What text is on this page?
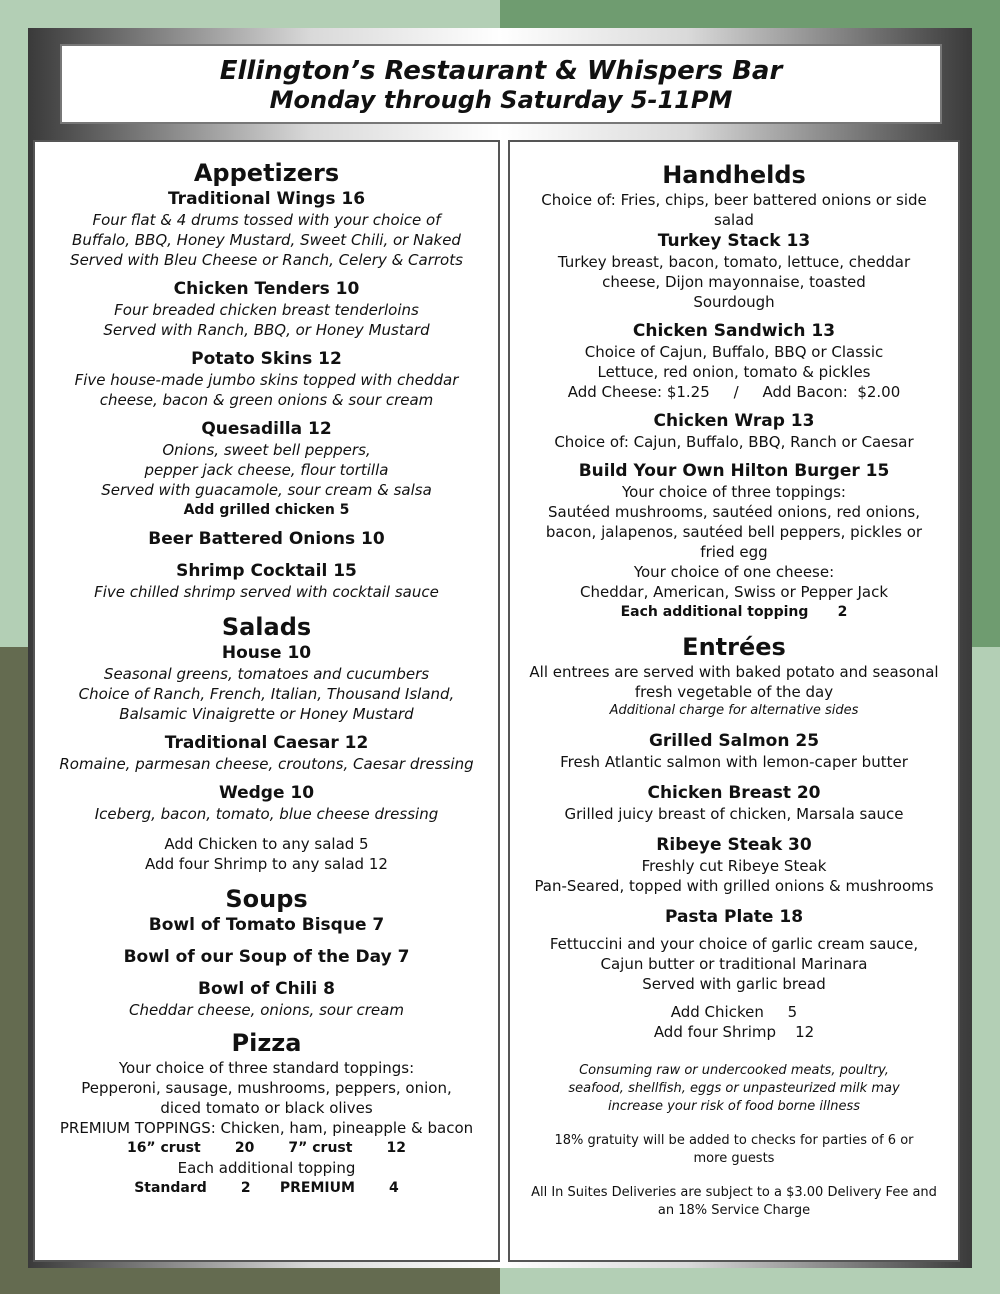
Ellington’s Restaurant & Whispers Bar
Monday through Saturday 5-11PM
Appetizers
Traditional Wings 16
Four flat & 4 drums tossed with your choice of
Buffalo, BBQ, Honey Mustard, Sweet Chili, or Naked
Served with Bleu Cheese or Ranch, Celery & Carrots
Chicken Tenders 10
Four breaded chicken breast tenderloins
Served with Ranch, BBQ, or Honey Mustard
Potato Skins 12
Five house-made jumbo skins topped with cheddar
cheese, bacon & green onions & sour cream
Quesadilla 12
Onions, sweet bell peppers,
pepper jack cheese, flour tortilla
Served with guacamole, sour cream & salsa
Add grilled chicken 5
Beer Battered Onions 10
Shrimp Cocktail 15
Five chilled shrimp served with cocktail sauce
Salads
House 10
Seasonal greens, tomatoes and cucumbers
Choice of Ranch, French, Italian, Thousand Island,
Balsamic Vinaigrette or Honey Mustard
Traditional Caesar 12
Romaine, parmesan cheese, croutons, Caesar dressing
Wedge 10
Iceberg, bacon, tomato, blue cheese dressing
Add Chicken to any salad 5
Add four Shrimp to any salad 12
Soups
Bowl of Tomato Bisque 7
Bowl of our Soup of the Day 7
Bowl of Chili 8
Cheddar cheese, onions, sour cream
Pizza
Your choice of three standard toppings:
Pepperoni, sausage, mushrooms, peppers, onion,
diced tomato or black olives
PREMIUM TOPPINGS: Chicken, ham, pineapple & bacon
16” crust       20       7” crust       12
Each additional topping
Standard       2      PREMIUM       4
Handhelds
Choice of: Fries, chips, beer battered onions or side
salad
Turkey Stack 13
Turkey breast, bacon, tomato, lettuce, cheddar
cheese, Dijon mayonnaise, toasted
Sourdough
Chicken Sandwich 13
Choice of Cajun, Buffalo, BBQ or Classic
Lettuce, red onion, tomato & pickles
Add Cheese: $1.25     /     Add Bacon:  $2.00
Chicken Wrap 13
Choice of: Cajun, Buffalo, BBQ, Ranch or Caesar
Build Your Own Hilton Burger 15
Your choice of three toppings:
Sautéed mushrooms, sautéed onions, red onions,
bacon, jalapenos, sautéed bell peppers, pickles or
fried egg
Your choice of one cheese:
Cheddar, American, Swiss or Pepper Jack
Each additional topping      2
Entrées
All entrees are served with baked potato and seasonal
fresh vegetable of the day
Additional charge for alternative sides
Grilled Salmon 25
Fresh Atlantic salmon with lemon-caper butter
Chicken Breast 20
Grilled juicy breast of chicken, Marsala sauce
Ribeye Steak 30
Freshly cut Ribeye Steak
Pan-Seared, topped with grilled onions & mushrooms
Pasta Plate 18
Fettuccini and your choice of garlic cream sauce,
Cajun butter or traditional Marinara
Served with garlic bread
Add Chicken     5
Add four Shrimp    12
Consuming raw or undercooked meats, poultry,
seafood, shellfish, eggs or unpasteurized milk may
increase your risk of food borne illness
18% gratuity will be added to checks for parties of 6 or
more guests
All In Suites Deliveries are subject to a $3.00 Delivery Fee and
an 18% Service Charge
